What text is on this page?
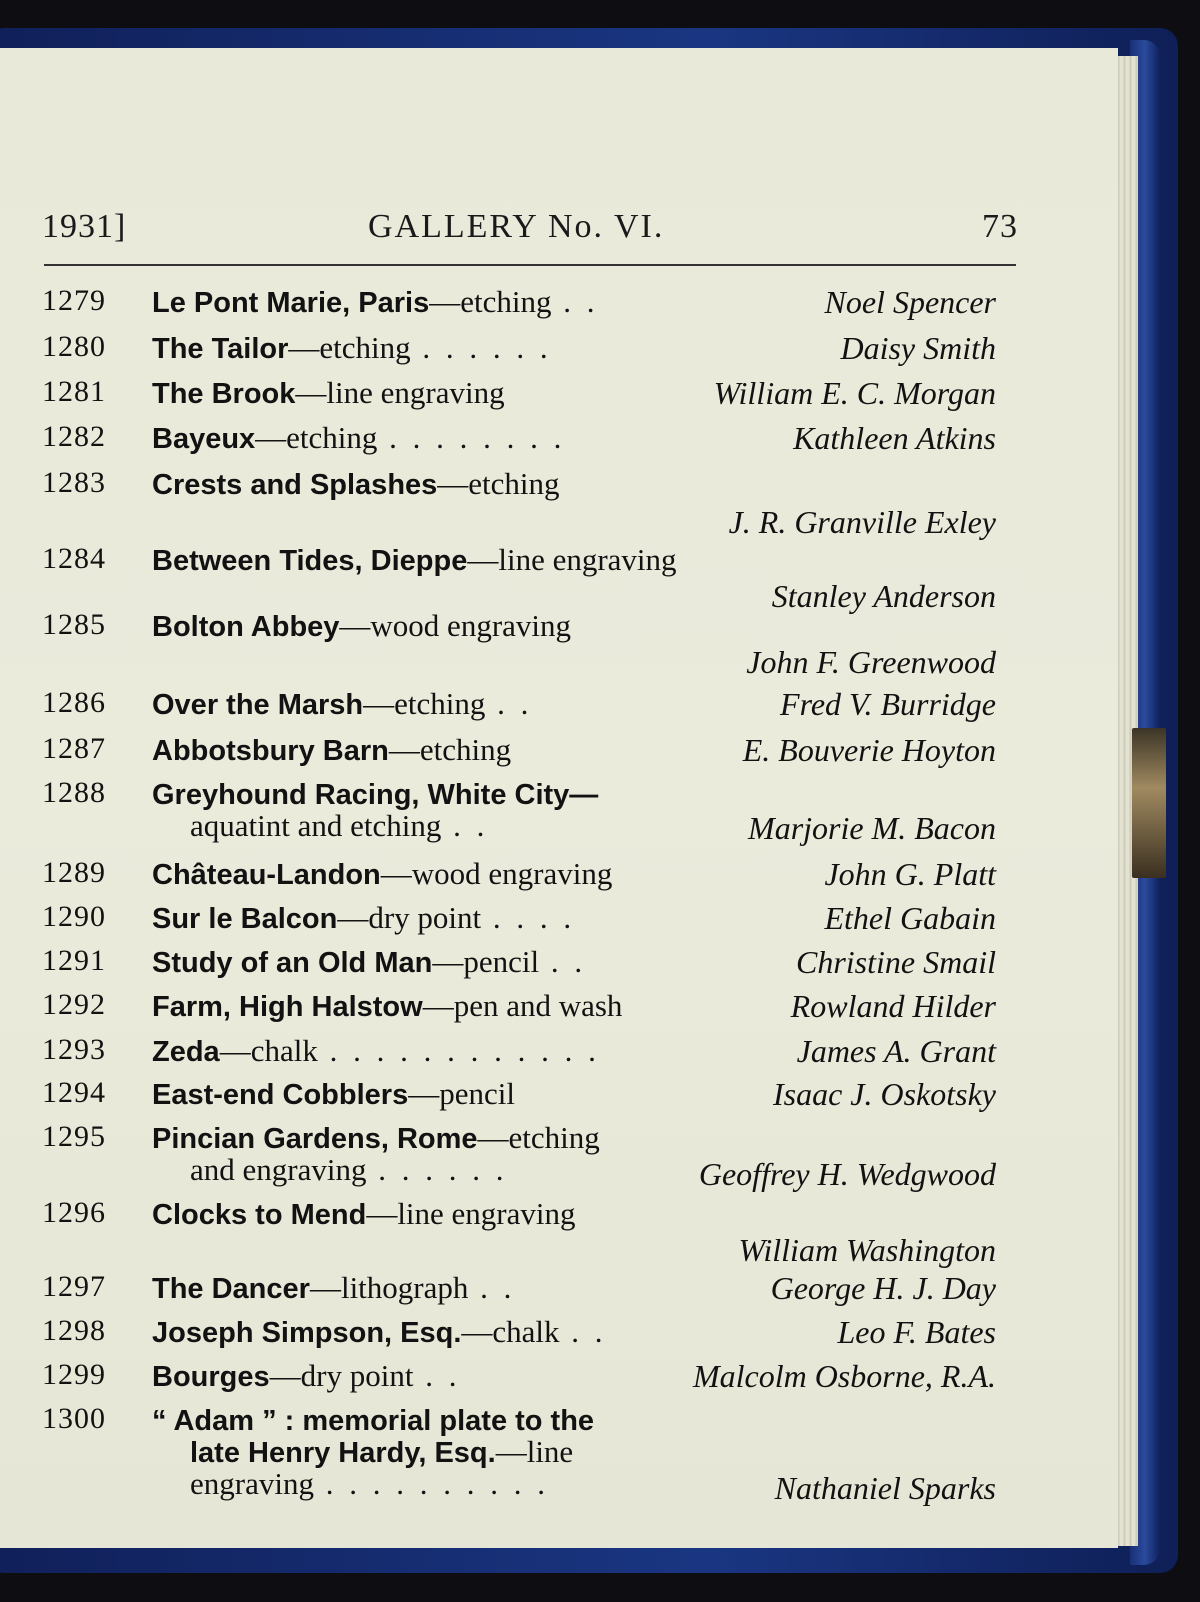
1931]	GALLERY No. VI.	73
1279 Le Pont Marie, Paris—etching . .	Noel Spencer
1280 The Tailor—etching . . . . . .	Daisy Smith
1281 The Brook—line engraving	William E. C. Morgan
1282 Bayeux—etching . . . . . . . .	Kathleen Atkins
1283 Crests and Splashes—etching
J. R. Granville Exley
1284 Between Tides, Dieppe—line engraving
Stanley Anderson
1285 Bolton Abbey—wood engraving
John F. Greenwood
1286 Over the Marsh—etching . .	Fred V. Burridge
1287 Abbotsbury Barn—etching	E. Bouverie Hoyton
1288 Greyhound Racing, White City—
aquatint and etching . .	Marjorie M. Bacon
1289 Château-Landon—wood engraving	John G. Platt
1290 Sur le Balcon—dry point . . . .	Ethel Gabain
1291 Study of an Old Man—pencil . .	Christine Smail
1292 Farm, High Halstow—pen and wash	Rowland Hilder
1293 Zeda—chalk . . . . . . . . . . . .	James A. Grant
1294 East-end Cobblers—pencil	Isaac J. Oskotsky
1295 Pincian Gardens, Rome—etching
and engraving . . . . . .	Geoffrey H. Wedgwood
1296 Clocks to Mend—line engraving
William Washington
1297 The Dancer—lithograph . .	George H. J. Day
1298 Joseph Simpson, Esq.—chalk . .	Leo F. Bates
1299 Bourges—dry point . .	Malcolm Osborne, R.A.
1300 “ Adam ” : memorial plate to the
late Henry Hardy, Esq.—line
engraving . . . . . . . . . .	Nathaniel Sparks
